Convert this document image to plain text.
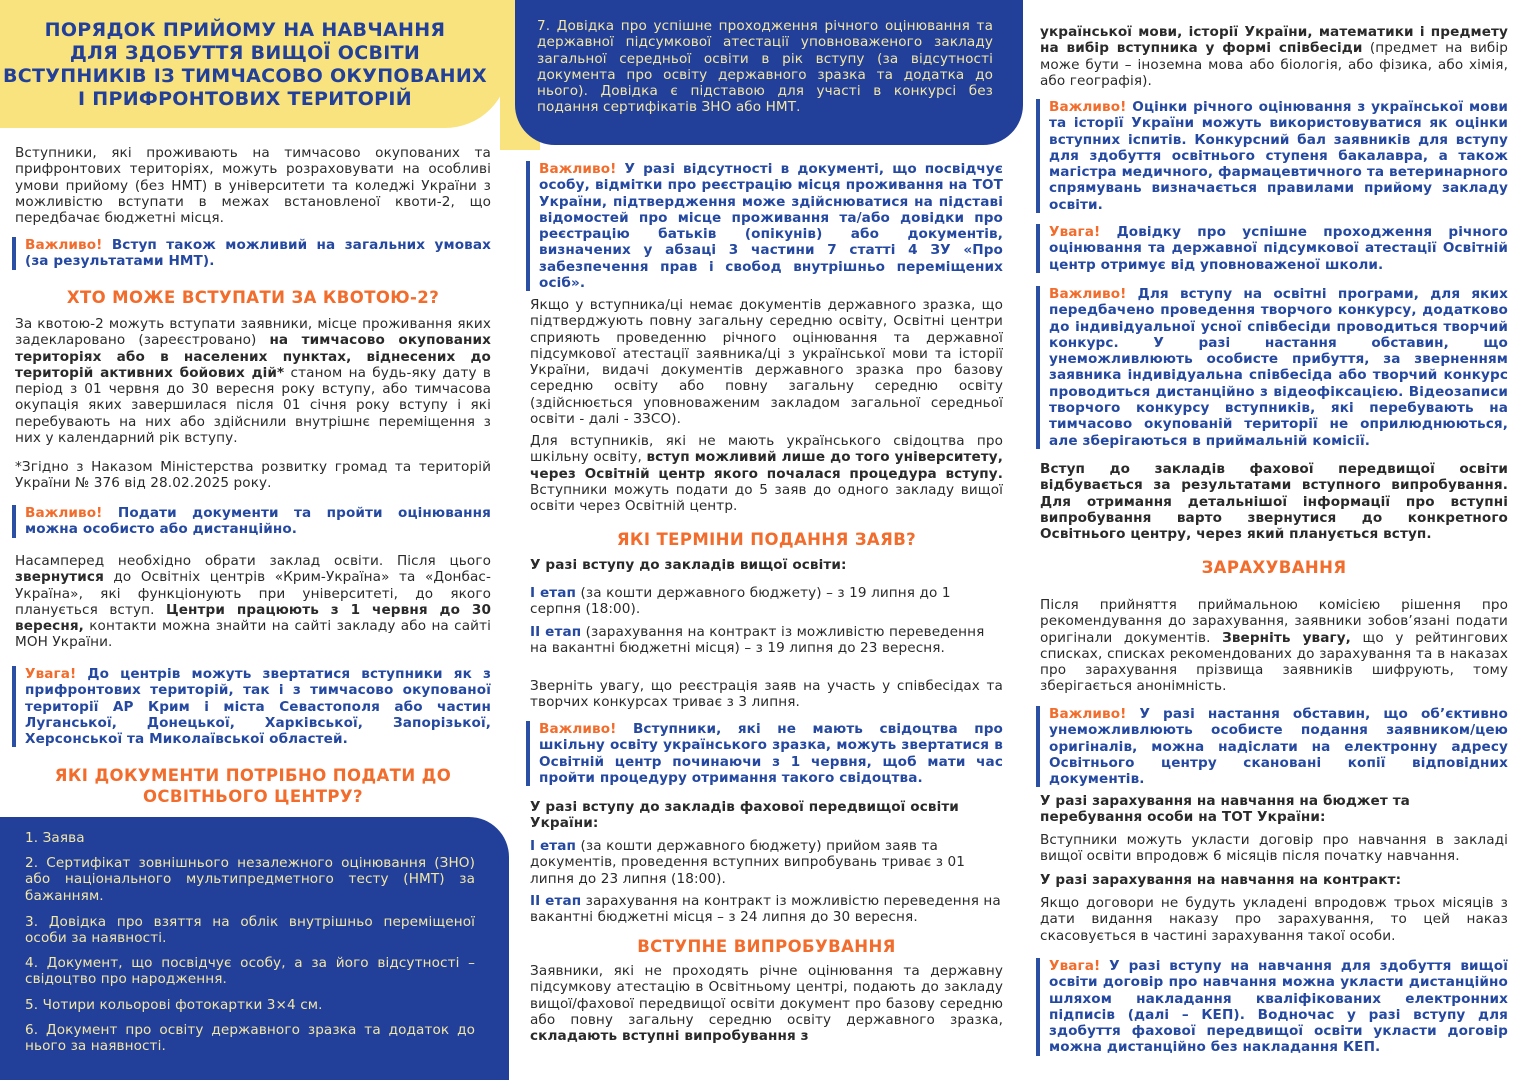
ПОРЯДОК ПРИЙОМУ НА НАВЧАННЯ
ДЛЯ ЗДОБУТТЯ ВИЩОЇ ОСВІТИ
ВСТУПНИКІВ ІЗ ТИМЧАСОВО ОКУПОВАНИХ
І ПРИФРОНТОВИХ ТЕРИТОРІЙ
Вступники, які проживають на тимчасово окупованих та прифронтових територіях, можуть розраховувати на особливі умови прийому (без НМТ) в університети та коледжі України з можливістю вступати в межах встановленої квоти-2, що передбачає бюджетні місця.
Важливо! Вступ також можливий на загальних умовах (за результатами НМТ).
ХТО МОЖЕ ВСТУПАТИ ЗА КВОТОЮ-2?
За квотою-2 можуть вступати заявники, місце проживання яких задекларовано (зареєстровано) на тимчасово окупованих територіях або в населених пунктах, віднесених до територій активних бойових дій* станом на будь-яку дату в період з 01 червня до 30 вересня року вступу, або тимчасова окупація яких завершилася після 01 січня року вступу і які перебувають на них або здійснили внутрішнє переміщення з них у календарний рік вступу.
*Згідно з Наказом Міністерства розвитку громад та територій України № 376 від 28.02.2025 року.
Важливо! Подати документи та пройти оцінювання можна особисто або дистанційно.
Насамперед необхідно обрати заклад освіти. Після цього звернутися до Освітніх центрів «Крим-Україна» та «Донбас-Україна», які функціонують при університеті, до якого планується вступ. Центри працюють з 1 червня до 30 вересня, контакти можна знайти на сайті закладу або на сайті МОН України.
Увага! До центрів можуть звертатися вступники як з прифронтових територій, так і з тимчасово окупованої території АР Крим і міста Севастополя або частин Луганської, Донецької, Харківської, Запорізької, Херсонської та Миколаївської областей.
ЯКІ ДОКУМЕНТИ ПОТРІБНО ПОДАТИ ДО ОСВІТНЬОГО ЦЕНТРУ?
1. Заява
2. Сертифікат зовнішнього незалежного оцінювання (ЗНО) або національного мультипредметного тесту (НМТ) за бажанням.
3. Довідка про взяття на облік внутрішньо переміщеної особи за наявності.
4. Документ, що посвідчує особу, а за його відсутності – свідоцтво про народження.
5. Чотири кольорові фотокартки 3×4 см.
6. Документ про освіту державного зразка та додаток до нього за наявності.
7. Довідка про успішне проходження річного оцінювання та державної підсумкової атестації уповноваженого закладу загальної середньої освіти в рік вступу (за відсутності документа про освіту державного зразка та додатка до нього). Довідка є підставою для участі в конкурсі без подання сертифікатів ЗНО або НМТ.
Важливо! У разі відсутності в документі, що посвідчує особу, відмітки про реєстрацію місця проживання на ТОТ України, підтвердження може здійснюватися на підставі відомостей про місце проживання та/або довідки про реєстрацію батьків (опікунів) або документів, визначених у абзаці 3 частини 7 статті 4 ЗУ «Про забезпечення прав і свобод внутрішньо переміщених осіб».
Якщо у вступника/ці немає документів державного зразка, що підтверджують повну загальну середню освіту, Освітні центри сприяють проведенню річного оцінювання та державної підсумкової атестації заявника/ці з української мови та історії України, видачі документів державного зразка про базову середню освіту або повну загальну середню освіту (здійснюється уповноваженим закладом загальної середньої освіти - далі - ЗЗСО).
Для вступників, які не мають українського свідоцтва про шкільну освіту, вступ можливий лише до того університету, через Освітній центр якого почалася процедура вступу. Вступники можуть подати до 5 заяв до одного закладу вищої освіти через Освітній центр.
ЯКІ ТЕРМІНИ ПОДАННЯ ЗАЯВ?
У разі вступу до закладів вищої освіти:
I етап (за кошти державного бюджету) – з 19 липня до 1 серпня (18:00).
II етап (зарахування на контракт із можливістю переведення на вакантні бюджетні місця) – з 19 липня до 23 вересня.
Зверніть увагу, що реєстрація заяв на участь у співбесідах та творчих конкурсах триває з 3 липня.
Важливо! Вступники, які не мають свідоцтва про шкільну освіту українського зразка, можуть звертатися в Освітній центр починаючи з 1 червня, щоб мати час пройти процедуру отримання такого свідоцтва.
У разі вступу до закладів фахової передвищої освіти України:
I етап (за кошти державного бюджету) прийом заяв та документів, проведення вступних випробувань триває з 01 липня до 23 липня (18:00).
II етап зарахування на контракт із можливістю переведення на вакантні бюджетні місця – з 24 липня до 30 вересня.
ВСТУПНЕ ВИПРОБУВАННЯ
Заявники, які не проходять річне оцінювання та державну підсумкову атестацію в Освітньому центрі, подають до закладу вищої/фахової передвищої освіти документ про базову середню або повну загальну середню освіту державного зразка, складають вступні випробування з
української мови, історії України, математики і предмету на вибір вступника у формі співбесіди (предмет на вибір може бути – іноземна мова або біологія, або фізика, або хімія, або географія).
Важливо! Оцінки річного оцінювання з української мови та історії України можуть використовуватися як оцінки вступних іспитів. Конкурсний бал заявників для вступу для здобуття освітнього ступеня бакалавра, а також магістра медичного, фармацевтичного та ветеринарного спрямувань визначається правилами прийому закладу освіти.
Увага! Довідку про успішне проходження річного оцінювання та державної підсумкової атестації Освітній центр отримує від уповноваженої школи.
Важливо! Для вступу на освітні програми, для яких передбачено проведення творчого конкурсу, додатково до індивідуальної усної співбесіди проводиться творчий конкурс. У разі настання обставин, що унеможливлюють особисте прибуття, за зверненням заявника індивідуальна співбесіда або творчий конкурс проводиться дистанційно з відеофіксацією. Відеозаписи творчого конкурсу вступників, які перебувають на тимчасово окупованій території не оприлюднюються, але зберігаються в приймальній комісії.
Вступ до закладів фахової передвищої освіти відбувається за результатами вступного випробування. Для отримання детальнішої інформації про вступні випробування варто звернутися до конкретного Освітнього центру, через який планується вступ.
ЗАРАХУВАННЯ
Після прийняття приймальною комісією рішення про рекомендування до зарахування, заявники зобов’язані подати оригінали документів. Зверніть увагу, що у рейтингових списках, списках рекомендованих до зарахування та в наказах про зарахування прізвища заявників шифрують, тому зберігається анонімність.
Важливо! У разі настання обставин, що об’єктивно унеможливлюють особисте подання заявником/цею оригіналів, можна надіслати на електронну адресу Освітнього центру скановані копії відповідних документів.
У разі зарахування на навчання на бюджет та перебування особи на ТОТ України:
Вступники можуть укласти договір про навчання в закладі вищої освіти впродовж 6 місяців після початку навчання.
У разі зарахування на навчання на контракт:
Якщо договори не будуть укладені впродовж трьох місяців з дати видання наказу про зарахування, то цей наказ скасовується в частині зарахування такої особи.
Увага! У разі вступу на навчання для здобуття вищої освіти договір про навчання можна укласти дистанційно шляхом накладання кваліфікованих електронних підписів (далі – КЕП). Водночас у разі вступу для здобуття фахової передвищої освіти укласти договір можна дистанційно без накладання КЕП.
